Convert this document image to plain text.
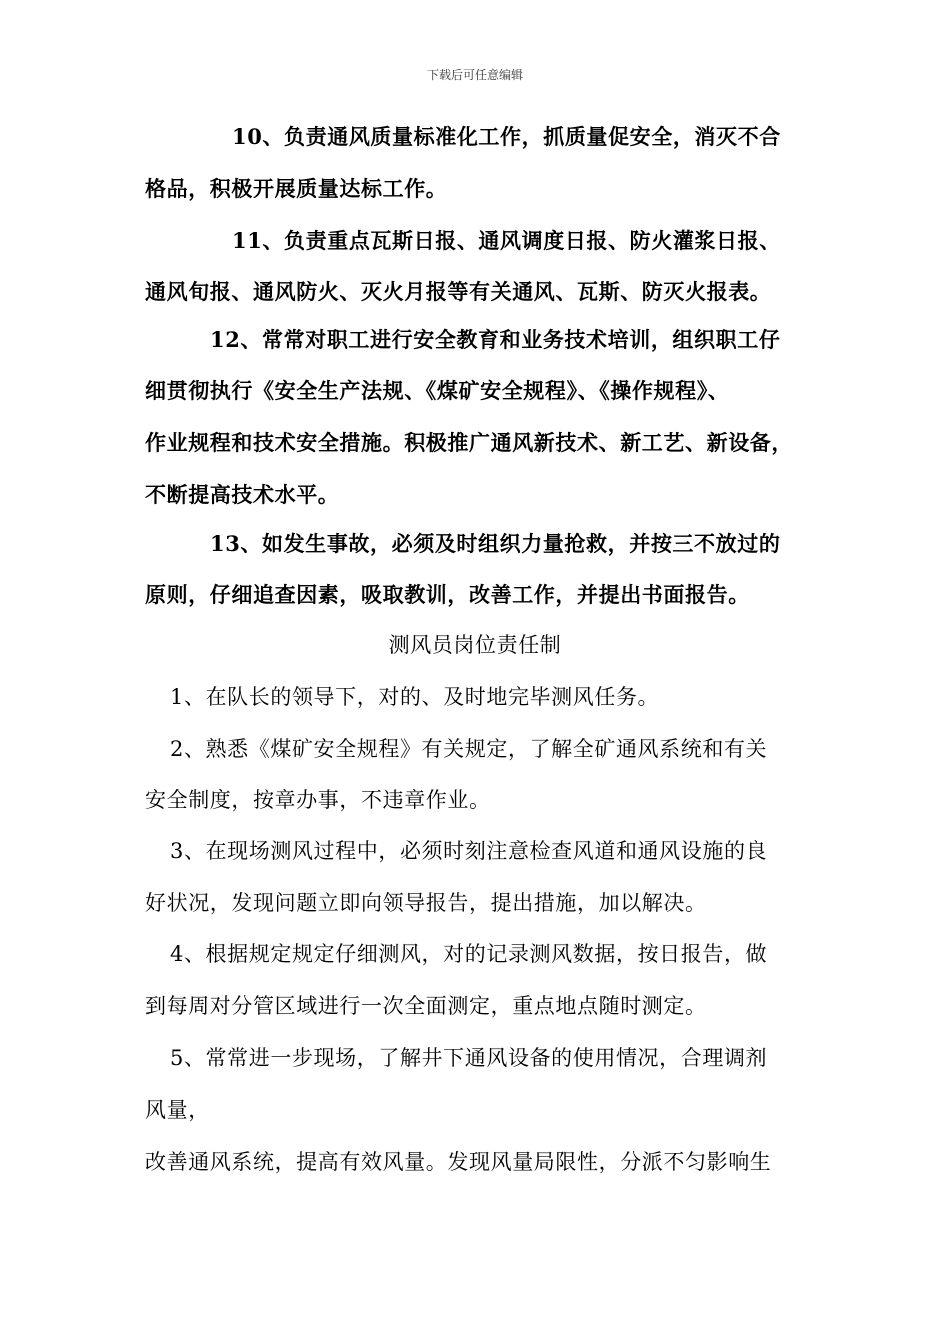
下载后可任意编辑
10、负责通风质量标准化工作，抓质量促安全，消灭不合
格品，积极开展质量达标工作。
11、负责重点瓦斯日报、通风调度日报、防火灌浆日报、
通风旬报、通风防火、灭火月报等有关通风、瓦斯、防灭火报表。
12、常常对职工进行安全教育和业务技术培训，组织职工仔
细贯彻执行《安全生产法规、《煤矿安全规程》、《操作规程》、
作业规程和技术安全措施。积极推广通风新技术、新工艺、新设备，
不断提高技术水平。
13、如发生事故，必须及时组织力量抢救，并按三不放过的
原则，仔细追查因素，吸取教训，改善工作，并提出书面报告。
测风员岗位责任制
1、在队长的领导下，对的、及时地完毕测风任务。
2、熟悉《煤矿安全规程》有关规定，了解全矿通风系统和有关
安全制度，按章办事，不违章作业。
3、在现场测风过程中，必须时刻注意检查风道和通风设施的良
好状况，发现问题立即向领导报告，提出措施，加以解决。
4、根据规定规定仔细测风，对的记录测风数据，按日报告，做
到每周对分管区域进行一次全面测定，重点地点随时测定。
5、常常进一步现场，了解井下通风设备的使用情况，合理调剂
风量，
改善通风系统，提高有效风量。发现风量局限性，分派不匀影响生
